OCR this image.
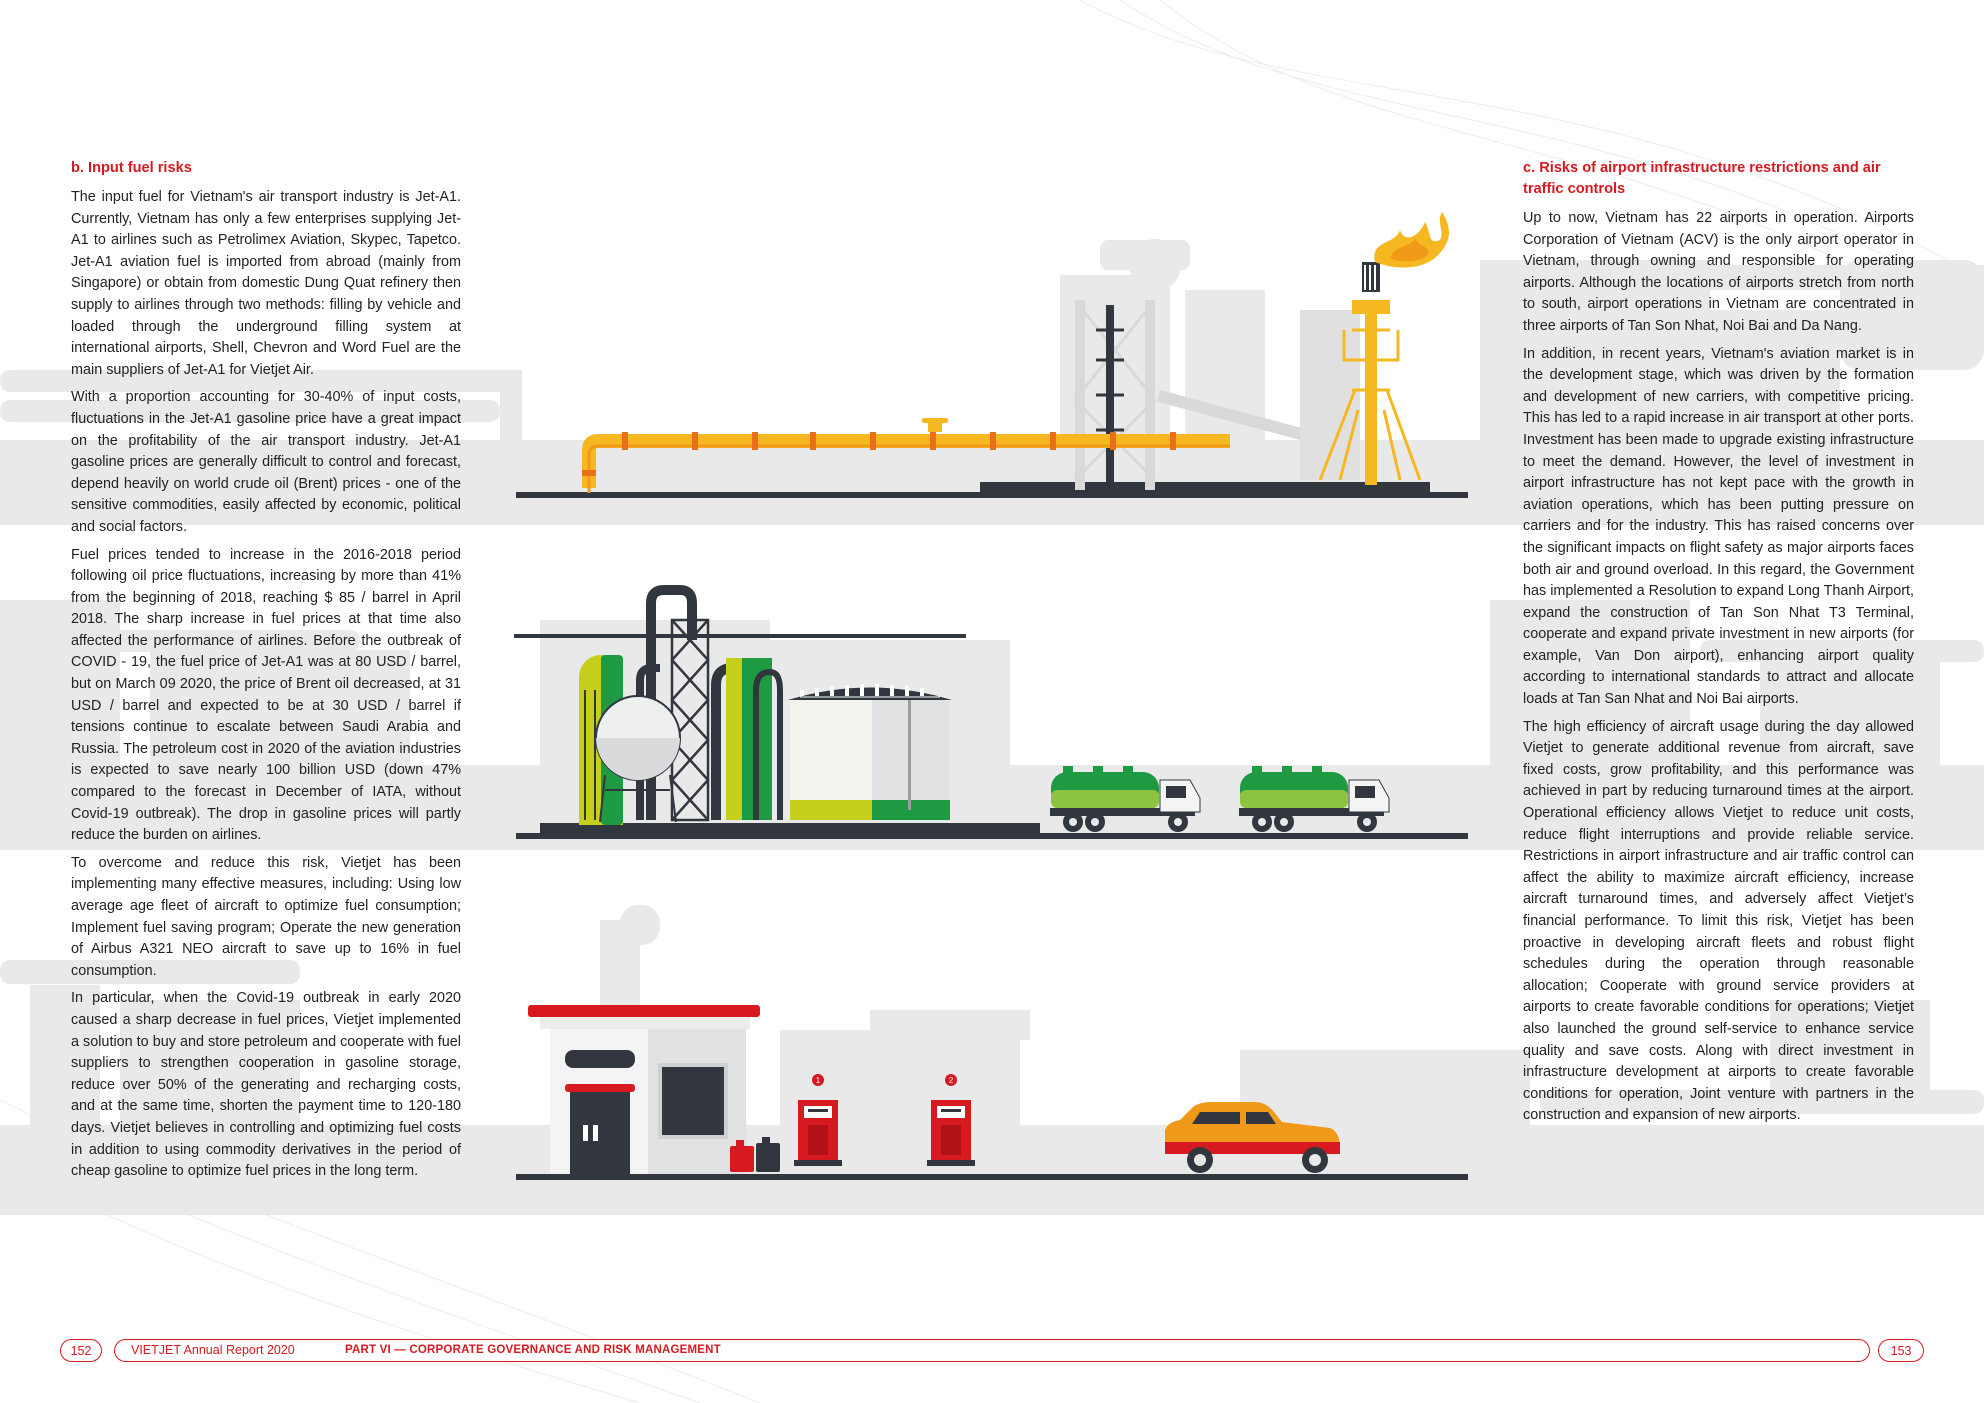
1	2
b. Input fuel risks

The input fuel for Vietnam's air transport industry is Jet-A1. Currently, Vietnam has only a few enterprises supplying Jet-A1 to airlines such as Petrolimex Aviation, Skypec, Tapetco. Jet-A1 aviation fuel is imported from abroad (mainly from Singapore) or obtain from domestic Dung Quat refinery then supply to airlines through two methods: filling by vehicle and loaded through the underground filling system at international airports, Shell, Chevron and Word Fuel are the main suppliers of Jet-A1 for Vietjet Air.

With a proportion accounting for 30-40% of input costs, fluctuations in the Jet-A1 gasoline price have a great impact on the profitability of the air transport industry. Jet-A1 gasoline prices are generally difficult to control and forecast, depend heavily on world crude oil (Brent) prices - one of the sensitive commodities, easily affected by economic, political and social factors.

Fuel prices tended to increase in the 2016-2018 period following oil price fluctuations, increasing by more than 41% from the beginning of 2018, reaching $ 85 / barrel in April 2018. The sharp increase in fuel prices at that time also affected the performance of airlines. Before the outbreak of COVID - 19, the fuel price of Jet-A1 was at 80 USD / barrel, but on March 09 2020, the price of Brent oil decreased, at 31 USD / barrel and expected to be at 30 USD / barrel if tensions continue to escalate between Saudi Arabia and Russia. The petroleum cost in 2020 of the aviation industries is expected to save nearly 100 billion USD (down 47% compared to the forecast in December of IATA, without Covid-19 outbreak). The drop in gasoline prices will partly reduce the burden on airlines.

To overcome and reduce this risk, Vietjet has been implementing many effective measures, including: Using low average age fleet of aircraft to optimize fuel consumption; Implement fuel saving program; Operate the new generation of Airbus A321 NEO aircraft to save up to 16% in fuel consumption.

In particular, when the Covid-19 outbreak in early 2020 caused a sharp decrease in fuel prices, Vietjet implemented a solution to buy and store petroleum and cooperate with fuel suppliers to strengthen cooperation in gasoline storage, reduce over 50% of the generating and recharging costs, and at the same time, shorten the payment time to 120-180 days. Vietjet believes in controlling and optimizing fuel costs in addition to using commodity derivatives in the period of cheap gasoline to optimize fuel prices in the long term.

c. Risks of airport infrastructure restrictions and air traffic controls

Up to now, Vietnam has 22 airports in operation. Airports Corporation of Vietnam (ACV) is the only airport operator in Vietnam, through owning and responsible for operating airports. Although the locations of airports stretch from north to south, airport operations in Vietnam are concentrated in three airports of Tan Son Nhat, Noi Bai and Da Nang.

In addition, in recent years, Vietnam's aviation market is in the development stage, which was driven by the formation and development of new carriers, with competitive pricing. This has led to a rapid increase in air transport at other ports. Investment has been made to upgrade existing infrastructure to meet the demand. However, the level of investment in airport infrastructure has not kept pace with the growth in aviation operations, which has been putting pressure on carriers and for the industry. This has raised concerns over the significant impacts on flight safety as major airports faces both air and ground overload. In this regard, the Government has implemented a Resolution to expand Long Thanh Airport, expand the construction of Tan Son Nhat T3 Terminal, cooperate and expand private investment in new airports (for example, Van Don airport), enhancing airport quality according to international standards to attract and allocate loads at Tan San Nhat and Noi Bai airports.

The high efficiency of aircraft usage during the day allowed Vietjet to generate additional revenue from aircraft, save fixed costs, grow profitability, and this performance was achieved in part by reducing turnaround times at the airport. Operational efficiency allows Vietjet to reduce unit costs, reduce flight interruptions and provide reliable service. Restrictions in airport infrastructure and air traffic control can affect the ability to maximize aircraft efficiency, increase aircraft turnaround times, and adversely affect Vietjet’s financial performance. To limit this risk, Vietjet has been proactive in developing aircraft fleets and robust flight schedules during the operation through reasonable allocation; Cooperate with ground service providers at airports to create favorable conditions for operations; Vietjet also launched the ground self-service to enhance service quality and save costs. Along with direct investment in infrastructure development at airports to create favorable conditions for operation, Joint venture with partners in the construction and expansion of new airports.

152	VIETJET Annual Report 2020	PART VI — CORPORATE GOVERNANCE AND RISK MANAGEMENT	153
